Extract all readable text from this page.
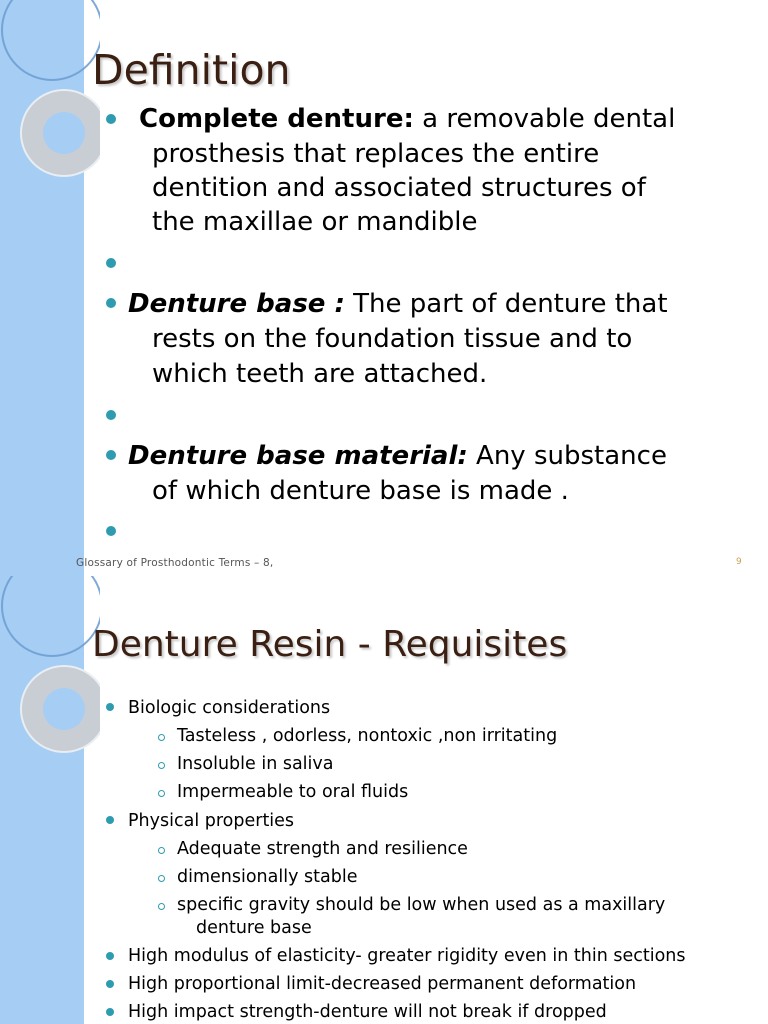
Definition
Complete denture: a removable dental
prosthesis that replaces the entire
dentition and associated structures of
the maxillae or mandible
Denture base : The part of denture that
rests on the foundation tissue and to
which teeth are attached.
Denture base material: Any substance
of which denture base is made .
Glossary of Prosthodontic Terms – 8,	9
Denture Resin - Requisites
Biologic considerations
Tasteless , odorless, nontoxic ,non irritating
Insoluble in saliva
Impermeable to oral fluids
Physical properties
Adequate strength and resilience
dimensionally stable
specific gravity should be low when used as a maxillary
denture base
High modulus of elasticity- greater rigidity even in thin sections
High proportional limit-decreased permanent deformation
High impact strength-denture will not break if dropped
